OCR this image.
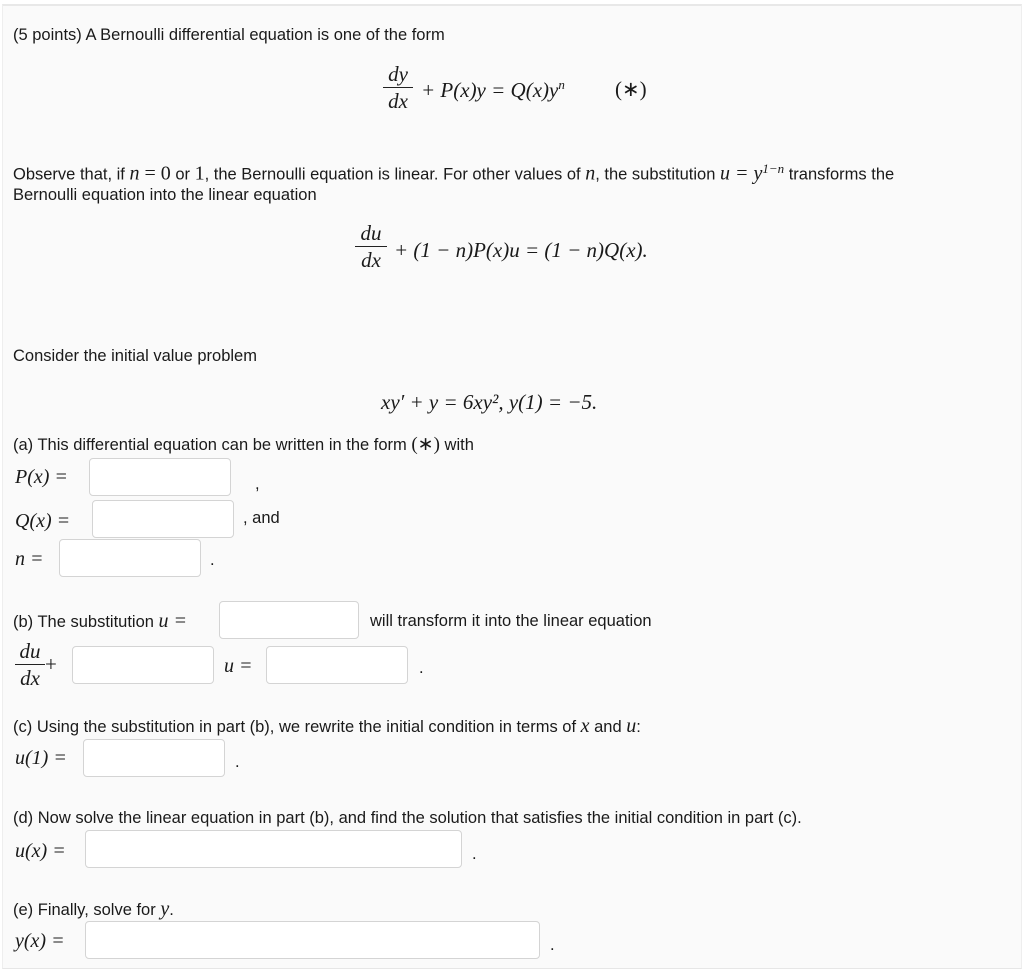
(5 points) A Bernoulli differential equation is one of the form
dy
dx + $P(x)y = Q(x)y^n$ (∗)
Observe that, if n = 0 or 1, the Bernoulli equation is linear. For other values of n, the substitution $u = y^{1-n}$ transforms the
Bernoulli equation into the linear equation
du
dx + (1 − n)P(x)u = (1 − n)Q(x).
Consider the initial value problem
xy′ + y = 6xy², y(1) = −5.
(a) This differential equation can be written in the form (∗) with
P(x) =	,
Q(x) =	, and
n =	.
(b) The substitution u =	will transform it into the linear equation
du
dx
+	u =	.
(c) Using the substitution in part (b), we rewrite the initial condition in terms of x and u:
u(1) =	.
(d) Now solve the linear equation in part (b), and find the solution that satisfies the initial condition in part (c).
u(x) =	.
(e) Finally, solve for y.
y(x) =	.
